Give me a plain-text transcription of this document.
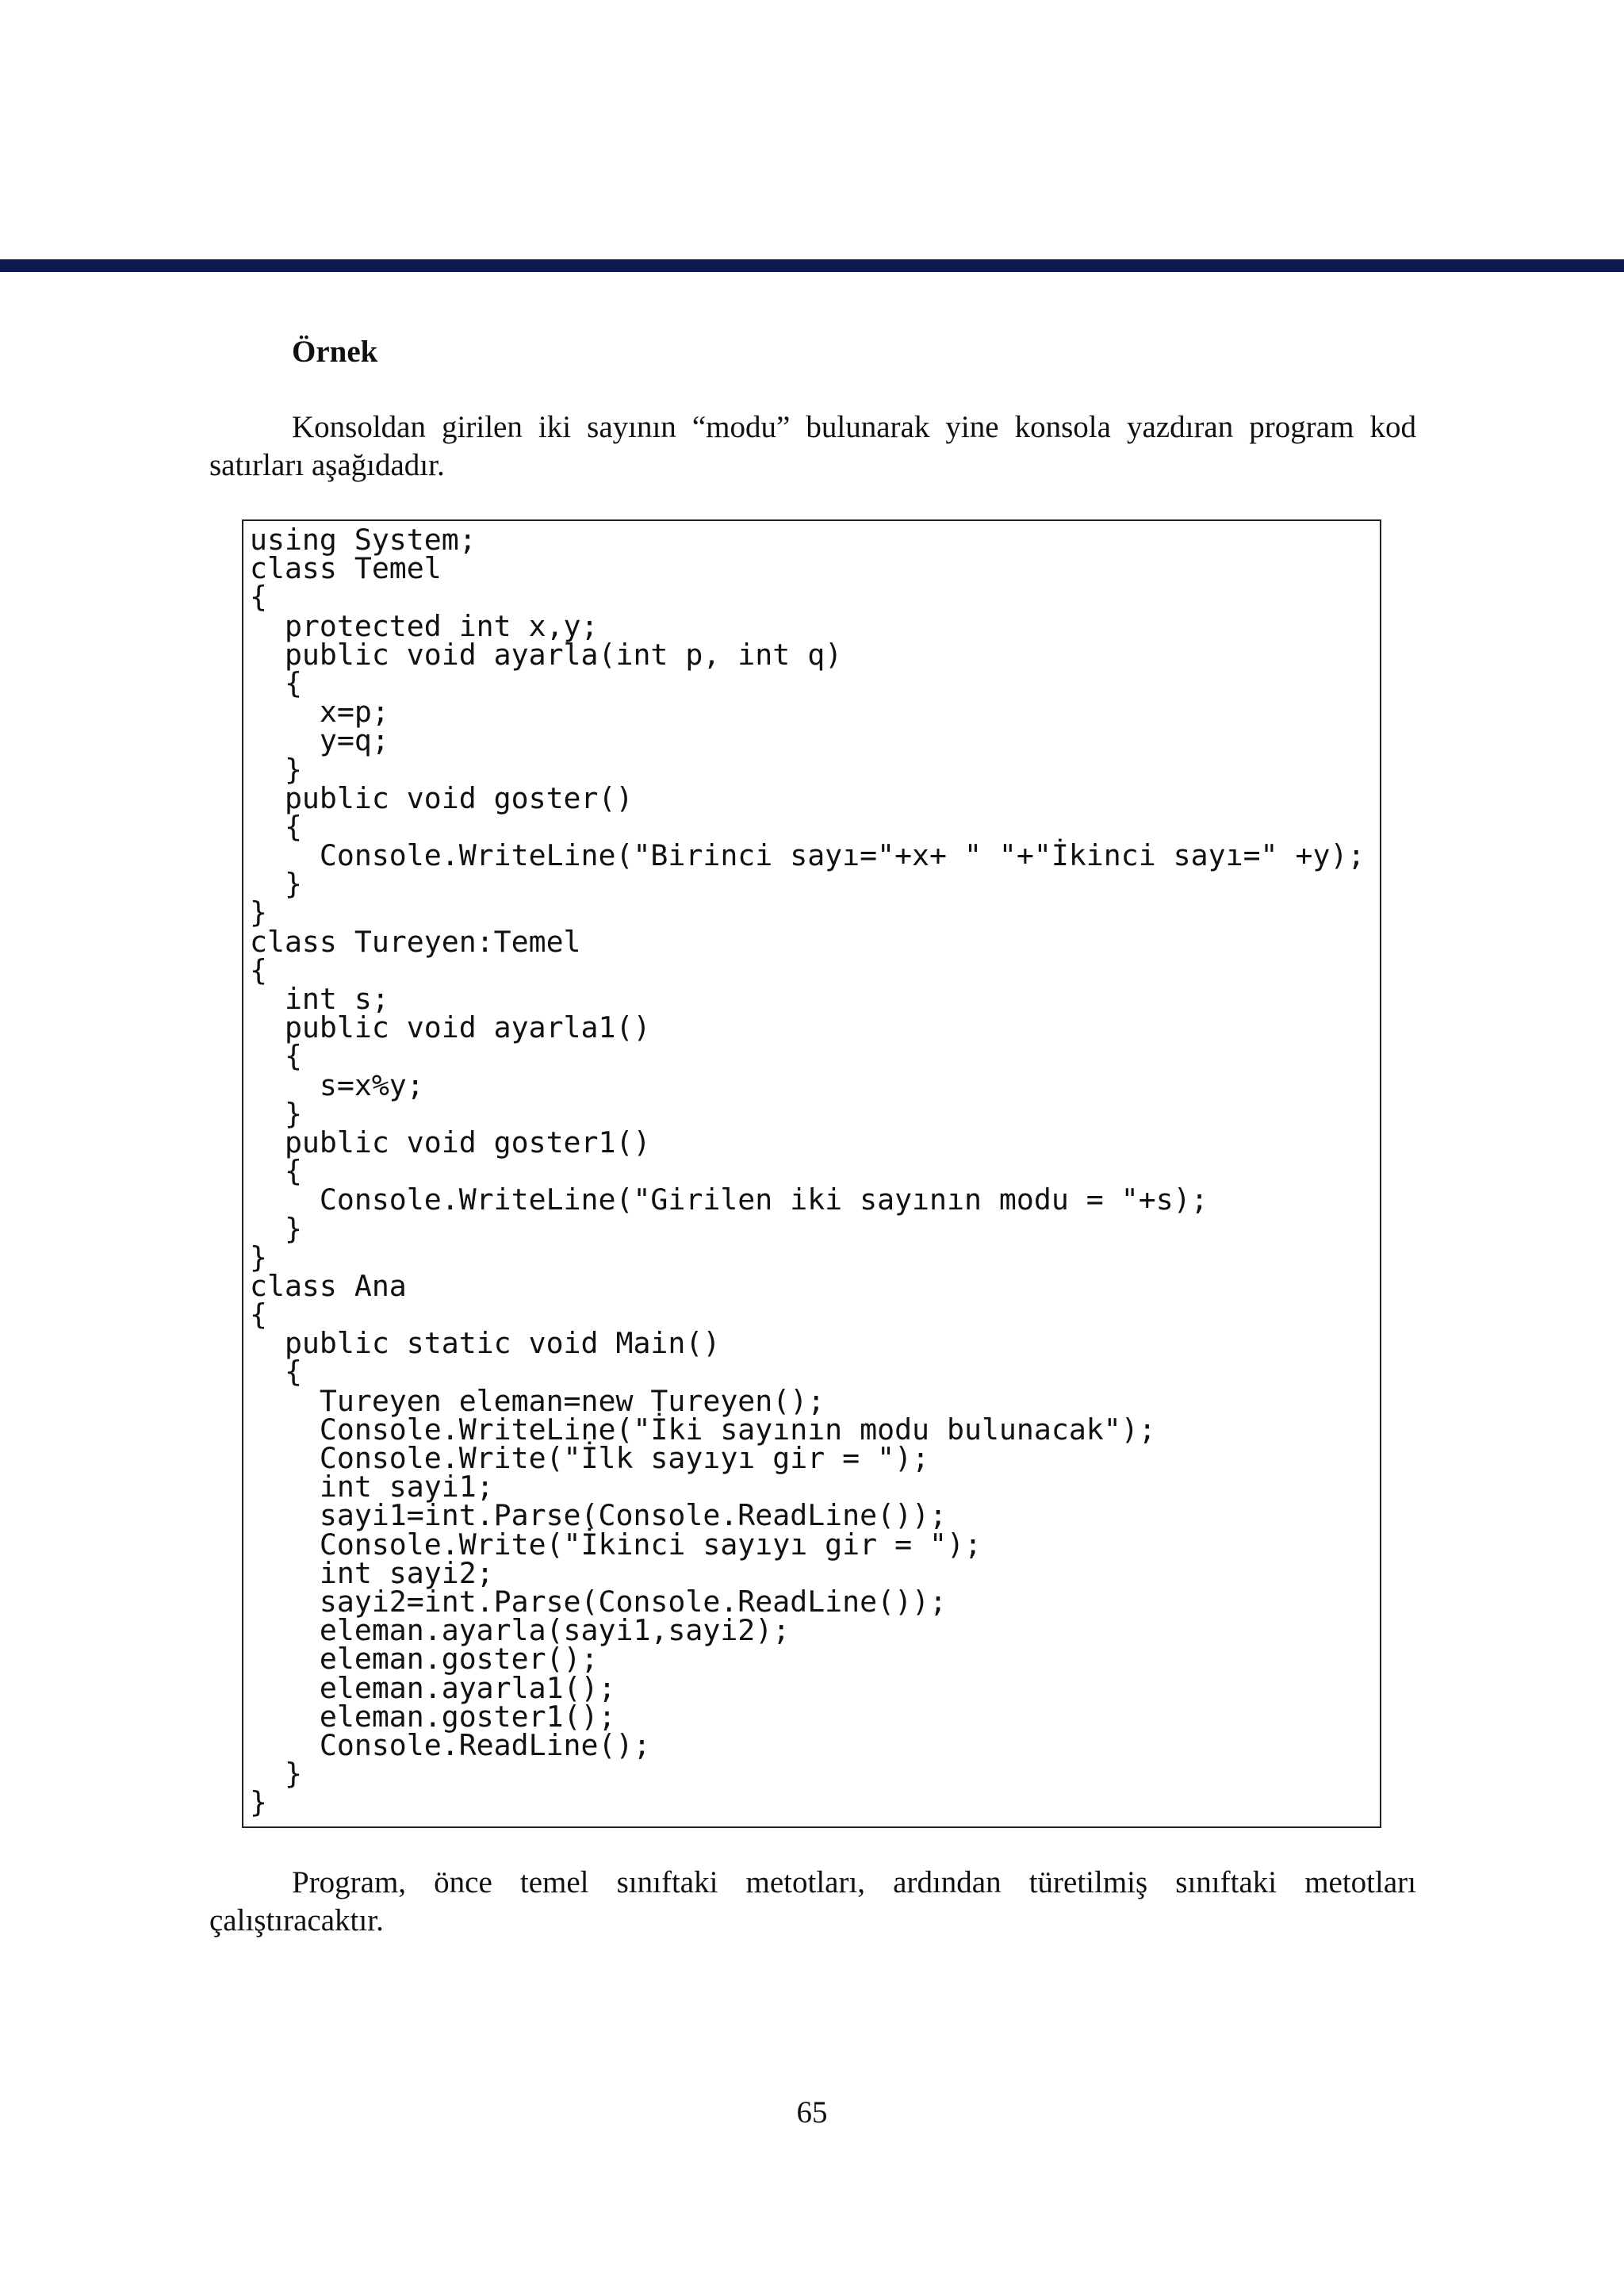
Örnek

Konsoldan girilen iki sayının “modu” bulunarak yine konsola yazdıran program kod satırları aşağıdadır.

using System;
class Temel
{
protected int x,y;
public void ayarla(int p, int q)
{
x=p;
y=q;
}
public void goster()
{
Console.WriteLine("Birinci sayı="+x+ " "+"İkinci sayı=" +y);
}
}
class Tureyen:Temel
{
int s;
public void ayarla1()
{
s=x%y;
}
public void goster1()
{
Console.WriteLine("Girilen iki sayının modu = "+s);
}
}
class Ana
{
public static void Main()
{
Tureyen eleman=new Tureyen();
Console.WriteLine("İki sayının modu bulunacak");
Console.Write("İlk sayıyı gir = ");
int sayi1;
sayi1=int.Parse(Console.ReadLine());
Console.Write("İkinci sayıyı gir = ");
int sayi2;
sayi2=int.Parse(Console.ReadLine());
eleman.ayarla(sayi1,sayi2);
eleman.goster();
eleman.ayarla1();
eleman.goster1();
Console.ReadLine();
}
}

Program, önce temel sınıftaki metotları, ardından türetilmiş sınıftaki metotları çalıştıracaktır.

65
